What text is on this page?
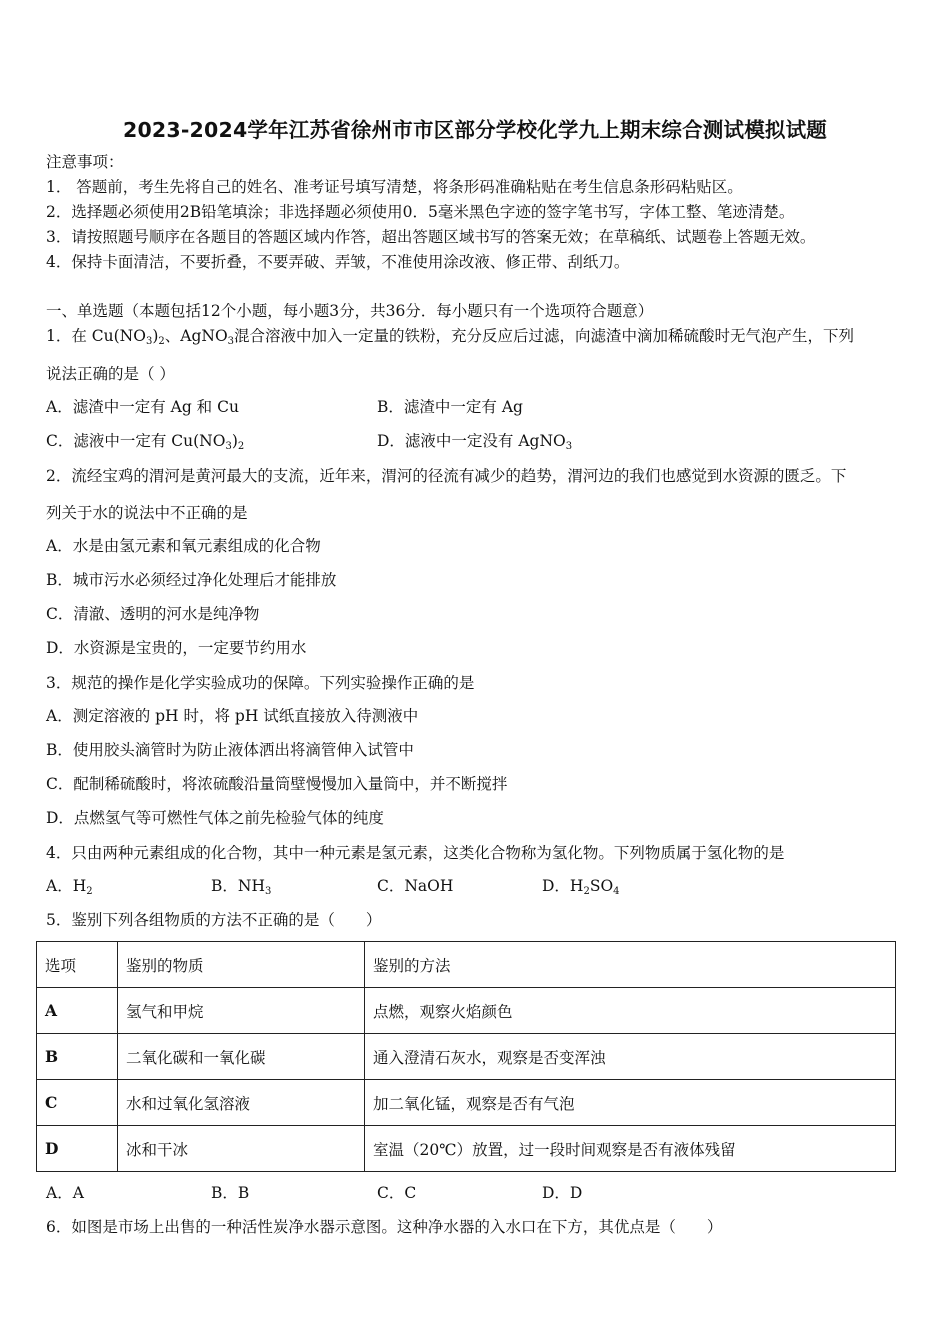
2023-2024学年江苏省徐州市市区部分学校化学九上期末综合测试模拟试题
注意事项：
1． 答题前，考生先将自己的姓名、准考证号填写清楚，将条形码准确粘贴在考生信息条形码粘贴区。
2．选择题必须使用2B铅笔填涂；非选择题必须使用0．5毫米黑色字迹的签字笔书写，字体工整、笔迹清楚。
3．请按照题号顺序在各题目的答题区域内作答，超出答题区域书写的答案无效；在草稿纸、试题卷上答题无效。
4．保持卡面清洁，不要折叠，不要弄破、弄皱，不准使用涂改液、修正带、刮纸刀。
一、单选题（本题包括12个小题，每小题3分，共36分．每小题只有一个选项符合题意）
1．在 $Cu(NO_3)_2$、AgNO$_3$混合溶液中加入一定量的铁粉，充分反应后过滤，向滤渣中滴加稀硫酸时无气泡产生，下列
说法正确的是（ ）
A．滤渣中一定有 Ag 和 Cu	B．滤渣中一定有 Ag
C．滤液中一定有 $Cu(NO_3)_2$	D．滤液中一定没有 AgNO$_3$
2．流经宝鸡的渭河是黄河最大的支流，近年来，渭河的径流有减少的趋势，渭河边的我们也感觉到水资源的匮乏。下
列关于水的说法中不正确的是
A．水是由氢元素和氧元素组成的化合物
B．城市污水必须经过净化处理后才能排放
C．清澈、透明的河水是纯净物
D．水资源是宝贵的，一定要节约用水
3．规范的操作是化学实验成功的保障。下列实验操作正确的是
A．测定溶液的 pH 时，将 pH 试纸直接放入待测液中
B．使用胶头滴管时为防止液体洒出将滴管伸入试管中
C．配制稀硫酸时，将浓硫酸沿量筒壁慢慢加入量筒中，并不断搅拌
D．点燃氢气等可燃性气体之前先检验气体的纯度
4．只由两种元素组成的化合物，其中一种元素是氢元素，这类化合物称为氢化物。下列物质属于氢化物的是
A．$H_2$	B．$NH_3$	C．NaOH	D．$H_2SO_4$
5．鉴别下列各组物质的方法不正确的是（　　）
选项	鉴别的物质	鉴别的方法
A	氢气和甲烷	点燃，观察火焰颜色
B	二氧化碳和一氧化碳	通入澄清石灰水，观察是否变浑浊
C	水和过氧化氢溶液	加二氧化锰，观察是否有气泡
D	冰和干冰	室温（20℃）放置，过一段时间观察是否有液体残留
A．A	B．B	C．C	D．D
6．如图是市场上出售的一种活性炭净水器示意图。这种净水器的入水口在下方，其优点是（　　）
